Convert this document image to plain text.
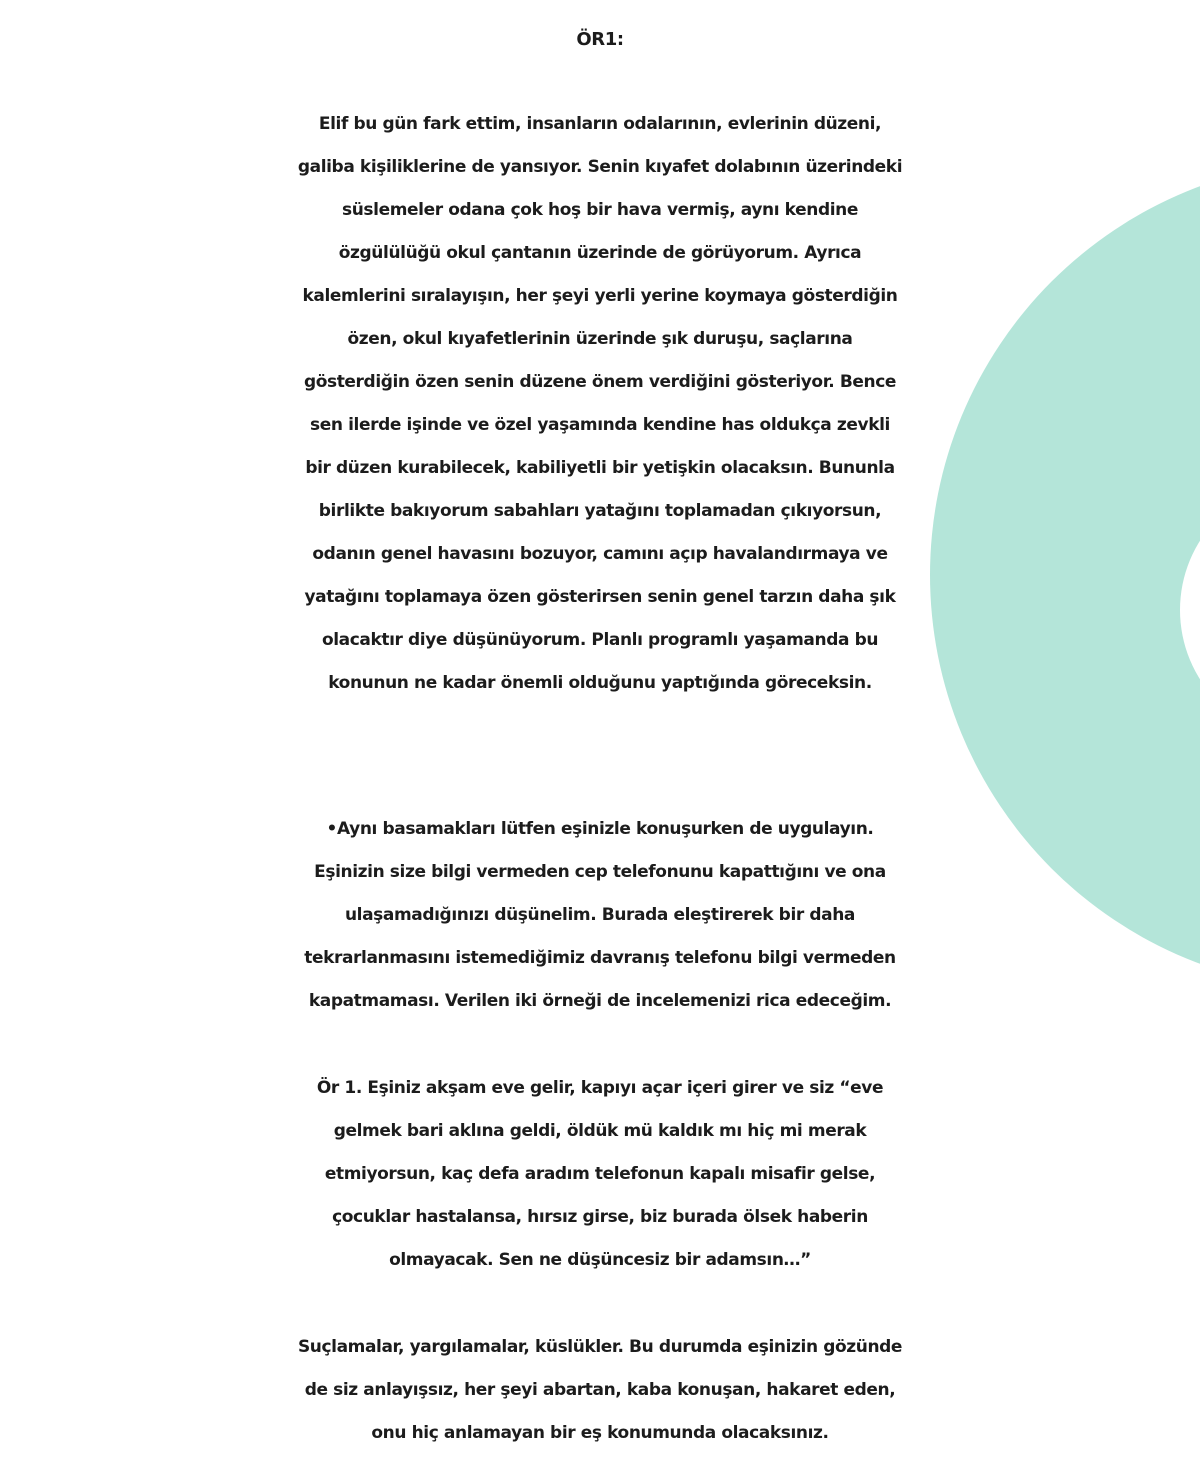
ÖR1:
Elif bu gün fark ettim, insanların odalarının, evlerinin düzeni,
galiba kişiliklerine de yansıyor. Senin kıyafet dolabının üzerindeki
süslemeler odana çok hoş bir hava vermiş, aynı kendine
özgülülüğü okul çantanın üzerinde de görüyorum. Ayrıca
kalemlerini sıralayışın, her şeyi yerli yerine koymaya gösterdiğin
özen, okul kıyafetlerinin üzerinde şık duruşu, saçlarına
gösterdiğin özen senin düzene önem verdiğini gösteriyor. Bence
sen ilerde işinde ve özel yaşamında kendine has oldukça zevkli
bir düzen kurabilecek, kabiliyetli bir yetişkin olacaksın. Bununla
birlikte bakıyorum sabahları yatağını toplamadan çıkıyorsun,
odanın genel havasını bozuyor, camını açıp havalandırmaya ve
yatağını toplamaya özen gösterirsen senin genel tarzın daha şık
olacaktır diye düşünüyorum. Planlı programlı yaşamanda bu
konunun ne kadar önemli olduğunu yaptığında göreceksin.
•Aynı basamakları lütfen eşinizle konuşurken de uygulayın.
Eşinizin size bilgi vermeden cep telefonunu kapattığını ve ona
ulaşamadığınızı düşünelim. Burada eleştirerek bir daha
tekrarlanmasını istemediğimiz davranış telefonu bilgi vermeden
kapatmaması. Verilen iki örneği de incelemenizi rica edeceğim.
Ör 1. Eşiniz akşam eve gelir, kapıyı açar içeri girer ve siz “eve
gelmek bari aklına geldi, öldük mü kaldık mı hiç mi merak
etmiyorsun, kaç defa aradım telefonun kapalı misafir gelse,
çocuklar hastalansa, hırsız girse, biz burada ölsek haberin
olmayacak. Sen ne düşüncesiz bir adamsın…”
Suçlamalar, yargılamalar, küslükler. Bu durumda eşinizin gözünde
de siz anlayışsız, her şeyi abartan, kaba konuşan, hakaret eden,
onu hiç anlamayan bir eş konumunda olacaksınız.
